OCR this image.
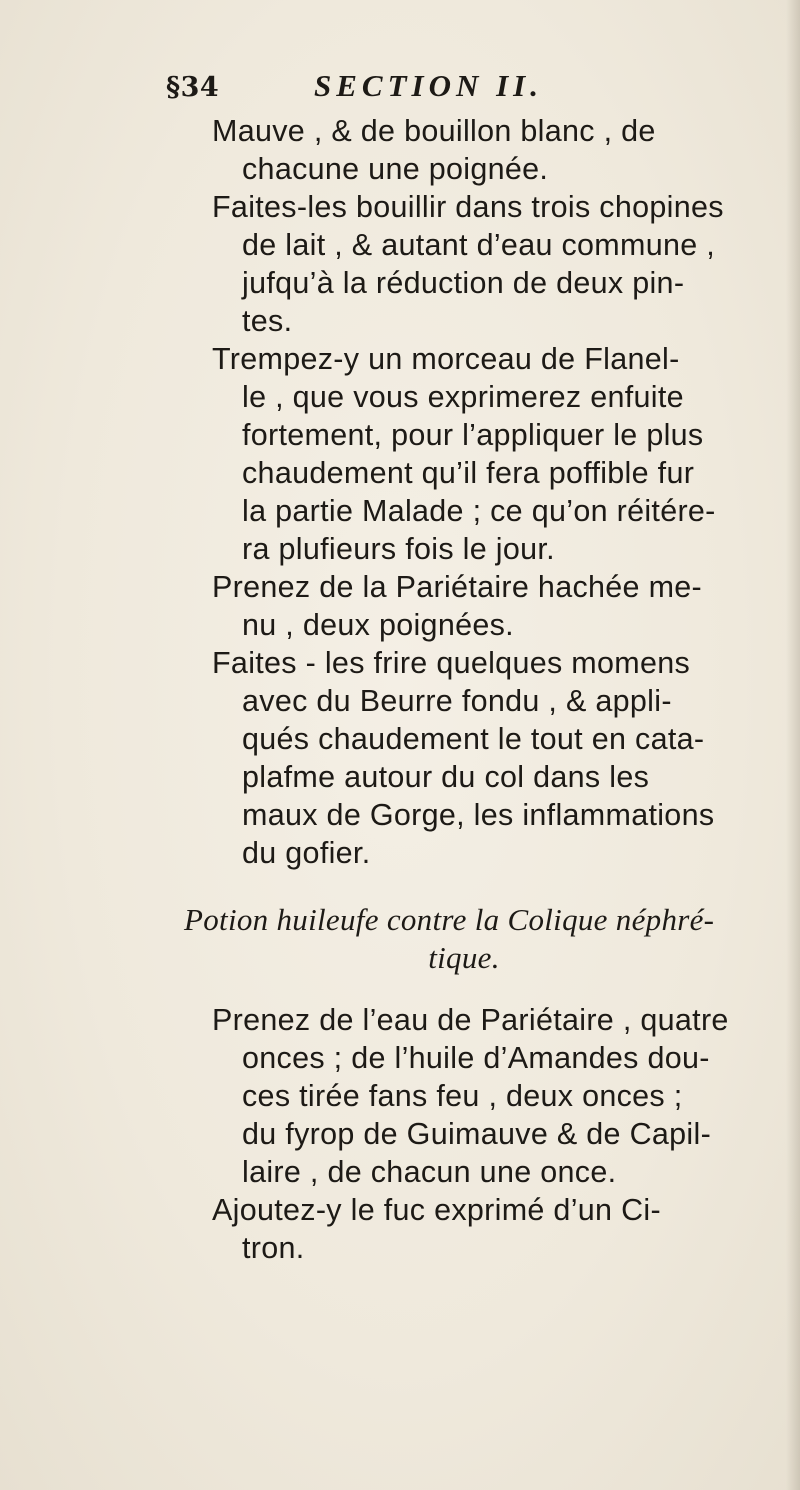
§34	SECTION II.

Mauve , & de bouillon blanc , de
chacune une poignée.

Faites-les bouillir dans trois chopines
de lait , & autant d’eau commune ,
jufqu’à la réduction de deux pin-
tes.

Trempez-y un morceau de Flanel-
le , que vous exprimerez enfuite
fortement, pour l’appliquer le plus
chaudement qu’il fera poffible fur
la partie Malade ; ce qu’on réitére-
ra plufieurs fois le jour.

Prenez de la Pariétaire hachée me-
nu , deux poignées.

Faites - les frire quelques momens
avec du Beurre fondu , & appli-
qués chaudement le tout en cata-
plafme autour du col dans les
maux de Gorge, les inflammations
du gofier.

Potion huileufe contre la Colique néphré-
tique.

Prenez de l’eau de Pariétaire , quatre
onces ; de l’huile d’Amandes dou-
ces tirée fans feu , deux onces ;
du fyrop de Guimauve & de Capil-
laire , de chacun une once.

Ajoutez-y le fuc exprimé d’un Ci-
tron.
